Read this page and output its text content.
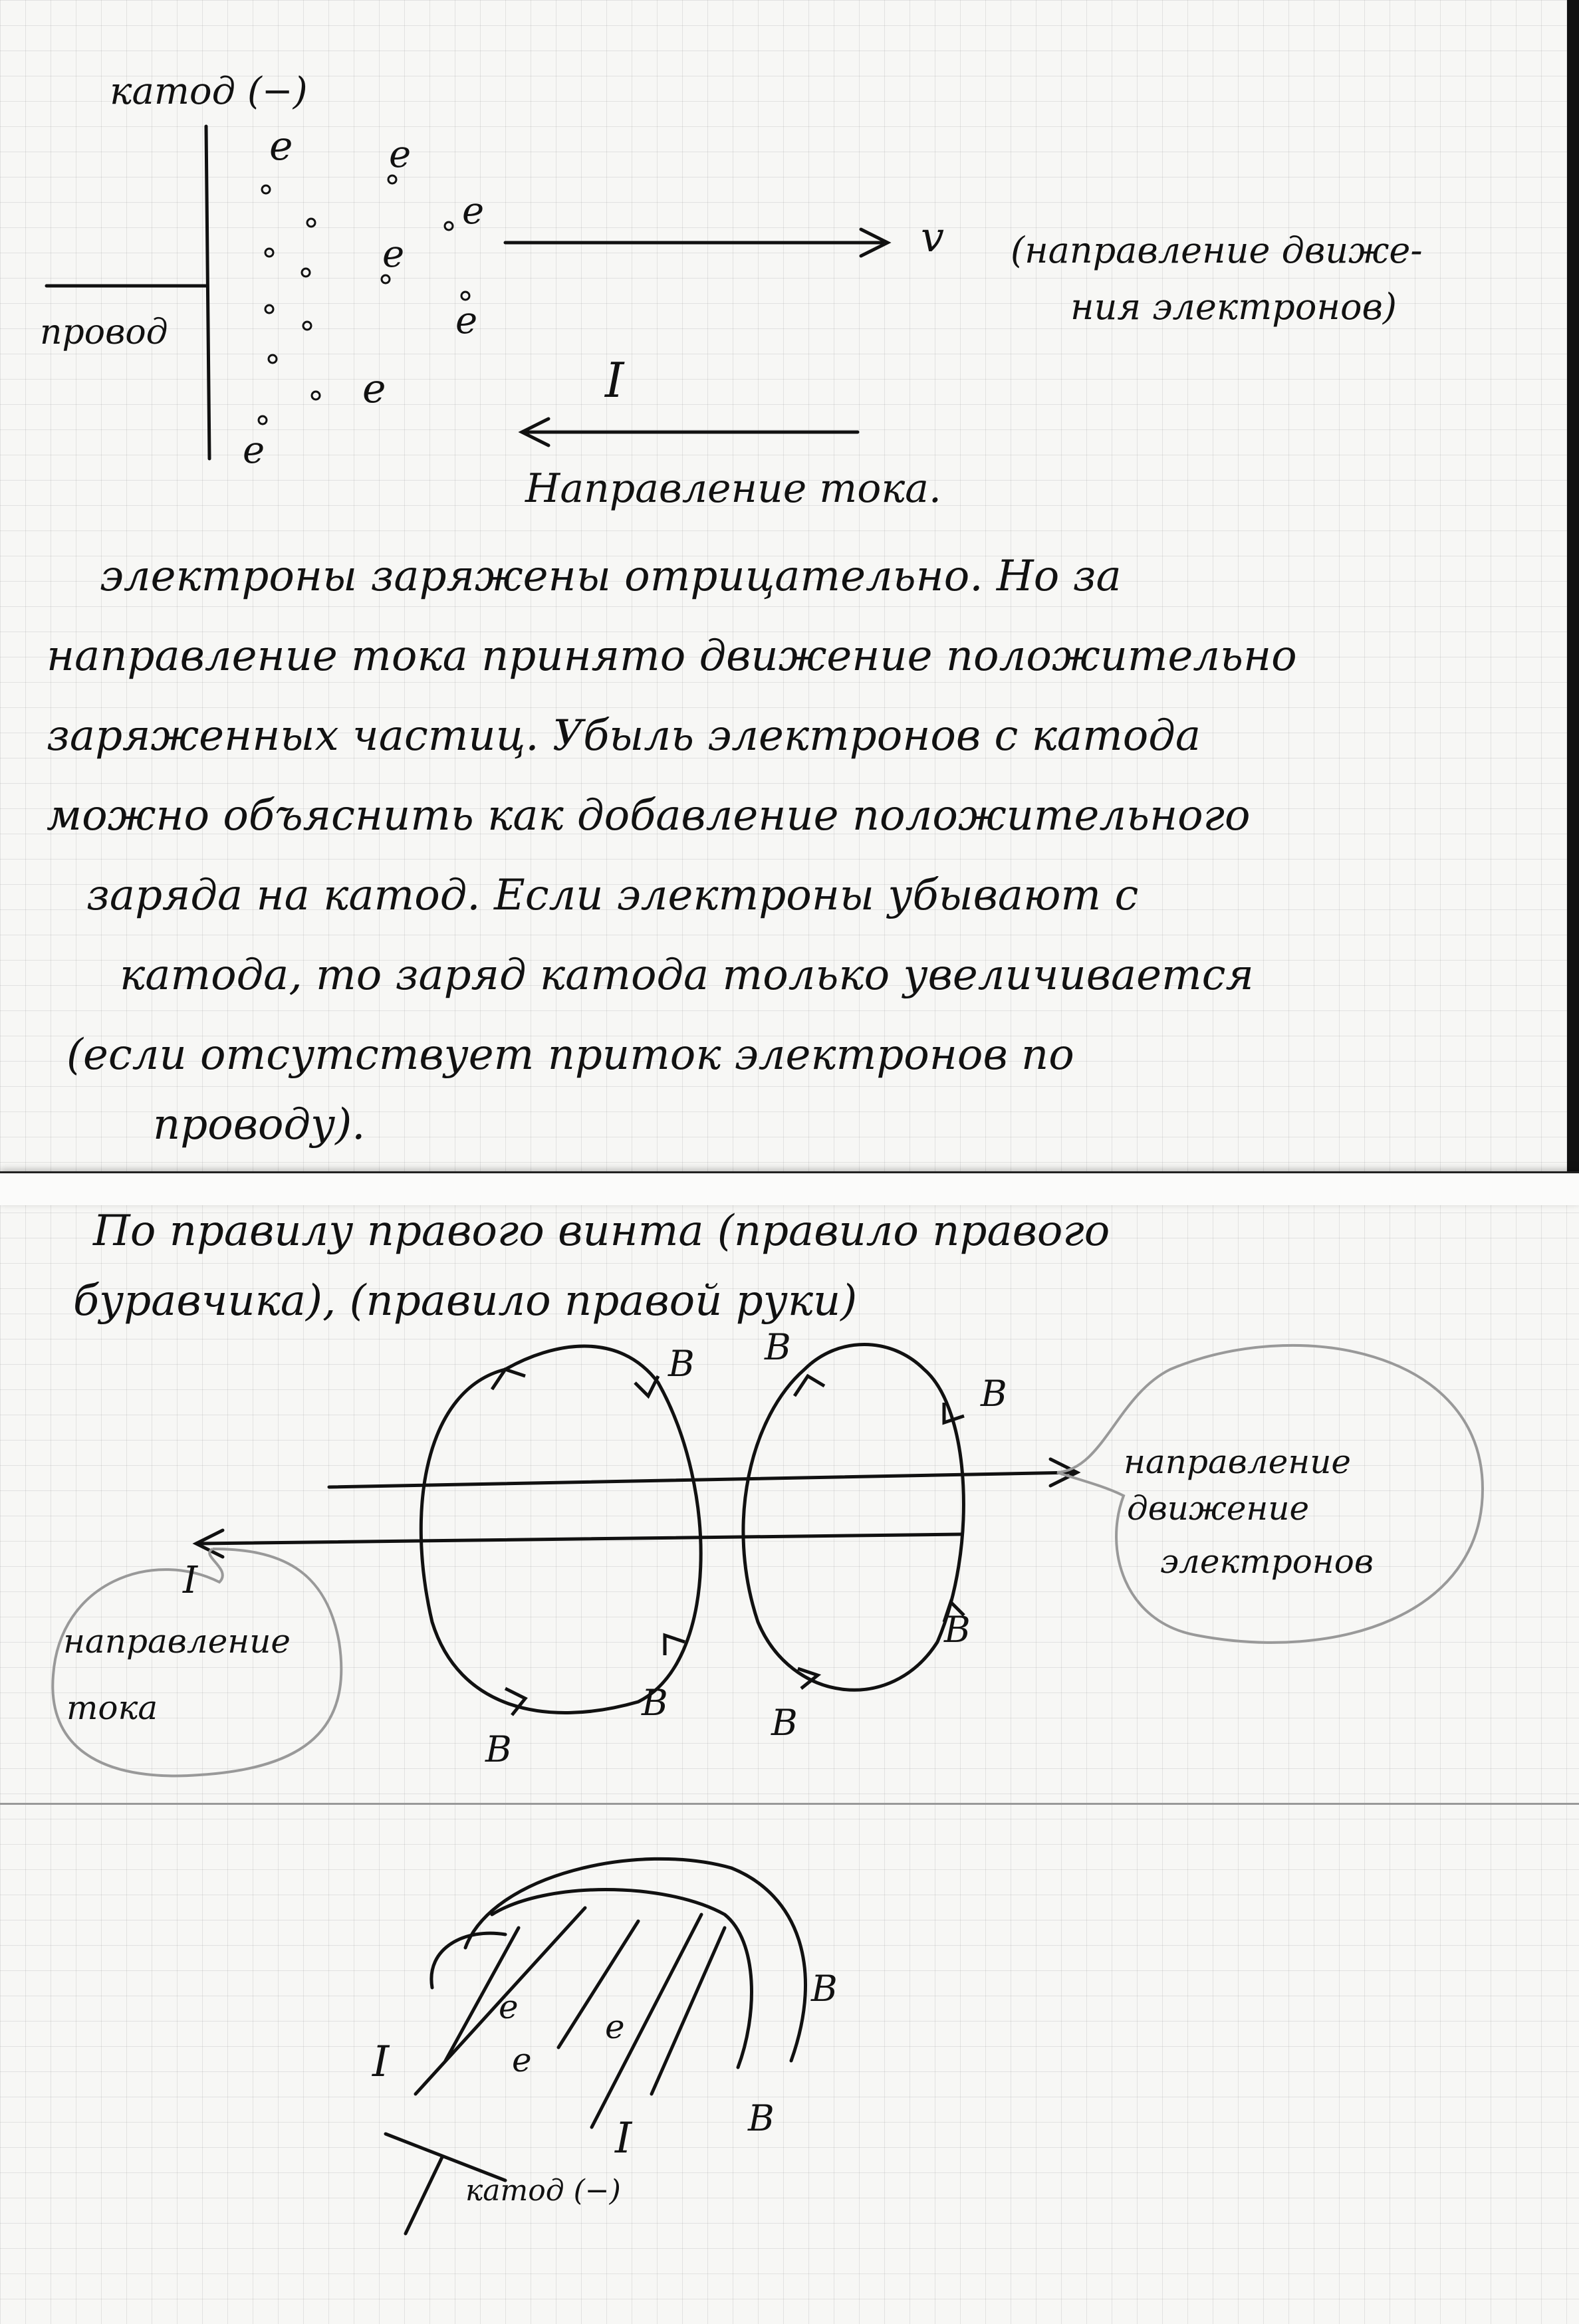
катод (−)
провод
e	e
e
e
e
e
e
v (направление движе-
ния электронов)
I
Направление тока.
электроны заряжены отрицательно. Но за
направление тока принято движение положительно
заряженных частиц. Убыль электронов с катода
можно объяснить как добавление положительного
заряда на катод. Если электроны убывают с
катода, то заряд катода только увеличивается
(если отсутствует приток электронов по
проводу).
По правилу правого винта (правило правого
буравчика), (правило правой руки)
B B
B
B
B	B
B
I
направление
тока
направление
движение
электронов
I
I
e
e
e
B
B
катод (−)
